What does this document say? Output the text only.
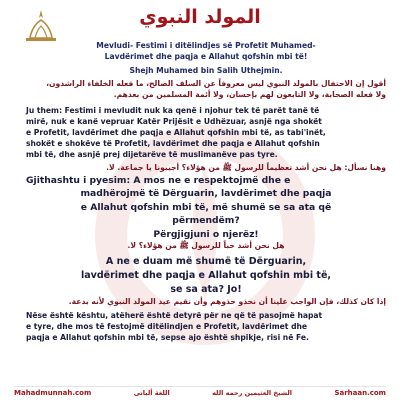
المولد النبوي
Mevludi- Festimi i ditëlindjes së Profetit Muhamed-
Lavdërimet dhe paqja e Allahut qofshin mbi të!
Shejh Muhamed bin Salih Uthejmin.
أقول إن الاحتفال بالمولد النبوي ليس معروفاً عن السلف الصالح، ما فعله الخلفاء الراشدون،
ولا فعله الصحابة، ولا التابعون لهم بإحسان، ولا أئمة المسلمين من بعدهم.
Ju them: Festimi i mevludit nuk ka qenë i njohur tek të parët tanë të
mirë, nuk e kanë vepruar Katër Prijësit e Udhëzuar, asnjë nga shokët
e Profetit, lavdërimet dhe paqja e Allahut qofshin mbi të, as tabi'inët,
shokët e shokëve të Profetit, lavdërimet dhe paqja e Allahut qofshin
mbi të, dhe asnjë prej dijetarëve të muslimanëve pas tyre.
وهنا نسأل: هل نحن أشد تعظيماً للرسول ﷺ من هؤلاء؟ أجيبونا يا جماعة. لا.
Gjithashtu i pyesim: A mos ne e respektojmë dhe e
madhërojmë të Dërguarin, lavdërimet dhe paqja
e Allahut qofshin mbi të, më shumë se sa ata që
përmendëm?
Përgjigjuni o njerëz!
هل نحن أشد حباً للرسول ﷺ من هؤلاء؟ لا.
A ne e duam më shumë të Dërguarin,
lavdërimet dhe paqja e Allahut qofshin mbi të,
se sa ata? Jo!
إذا كان كذلك، فإن الواجب علينا أن نحذو حذوهم وأن نقيم عيد المولد النبوي لأنه بدعة.
Nëse është kështu, atëherë është detyrë për ne që të pasojmë hapat
e tyre, dhe mos të festojmë ditëlindjen e Profetit, lavdërimet dhe
paqja e Allahut qofshin mbi të, sepse ajo është shpikje, risi në Fe.
Mahadmunnah.com	اللغة ألبانى	الشيخ العثيمين رحمه الله	Sarhaan.com
